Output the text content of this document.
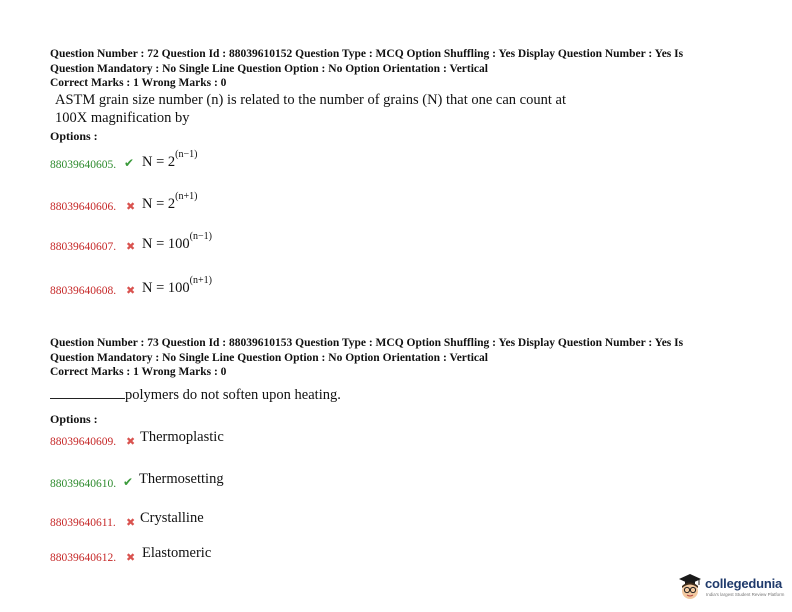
Question Number : 72 Question Id : 88039610152 Question Type : MCQ Option Shuffling : Yes Display Question Number : Yes Is
Question Mandatory : No Single Line Question Option : No Option Orientation : Vertical
Correct Marks : 1 Wrong Marks : 0
ASTM grain size number (n) is related to the number of grains (N) that one can count at
100X magnification by
Options :
88039640605. ✔ $N = 2^{(n-1)}$
88039640606. ✖ $N = 2^{(n+1)}$
88039640607. ✖ $N = 100^{(n-1)}$
88039640608. ✖ $N = 100^{(n+1)}$
Question Number : 73 Question Id : 88039610153 Question Type : MCQ Option Shuffling : Yes Display Question Number : Yes Is
Question Mandatory : No Single Line Question Option : No Option Orientation : Vertical
Correct Marks : 1 Wrong Marks : 0
polymers do not soften upon heating.
Options :
88039640609. ✖ Thermoplastic
88039640610. ✔ Thermosetting
88039640611. ✖ Crystalline
88039640612. ✖ Elastomeric
collegedunia
India's largest Student Review Platform
